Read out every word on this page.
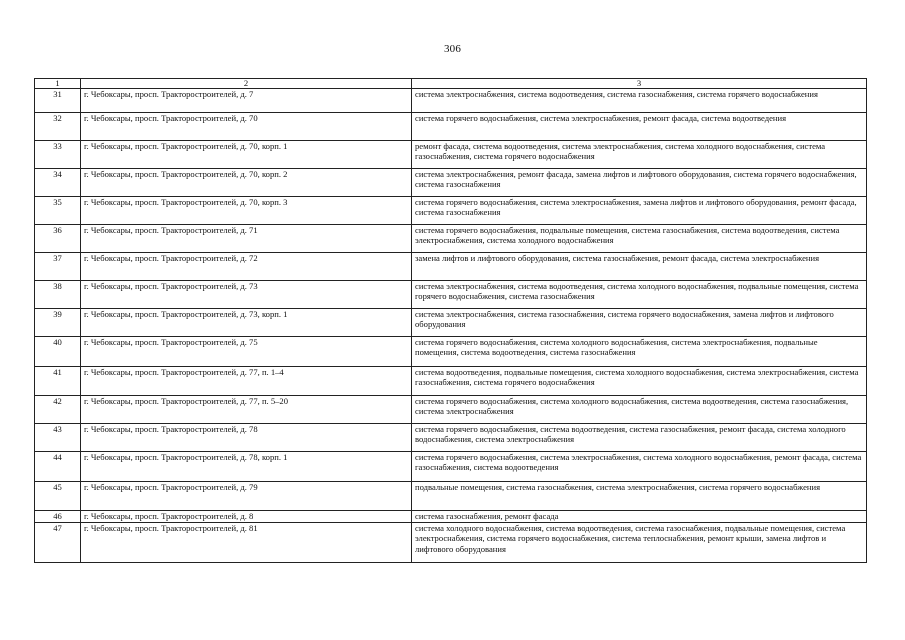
306
1	2	3
31	г. Чебоксары, просп. Тракторостроителей, д. 7	система электроснабжения, система водоотведения, система газоснабжения, система горячего водоснабжения
32	г. Чебоксары, просп. Тракторостроителей, д. 70	система горячего водоснабжения, система электроснабжения, ремонт фасада, система водоотведения
33	г. Чебоксары, просп. Тракторостроителей, д. 70, корп. 1	ремонт фасада, система водоотведения, система электроснабжения, система холодного водоснабжения, система газоснабжения, система горячего водоснабжения
34	г. Чебоксары, просп. Тракторостроителей, д. 70, корп. 2	система электроснабжения, ремонт фасада, замена лифтов и лифтового оборудования, система горячего водоснабжения, система газоснабжения
35	г. Чебоксары, просп. Тракторостроителей, д. 70, корп. 3	система горячего водоснабжения, система электроснабжения, замена лифтов и лифтового оборудования, ремонт фасада, система газоснабжения
36	г. Чебоксары, просп. Тракторостроителей, д. 71	система горячего водоснабжения, подвальные помещения, система газоснабжения, система водоотведения, система электроснабжения, система холодного водоснабжения
37	г. Чебоксары, просп. Тракторостроителей, д. 72	замена лифтов и лифтового оборудования, система газоснабжения, ремонт фасада, система электроснабжения
38	г. Чебоксары, просп. Тракторостроителей, д. 73	система электроснабжения, система водоотведения, система холодного водоснабжения, подвальные помещения, система горячего водоснабжения, система газоснабжения
39	г. Чебоксары, просп. Тракторостроителей, д. 73, корп. 1	система электроснабжения, система газоснабжения, система горячего водоснабжения, замена лифтов и лифтового оборудования
40	г. Чебоксары, просп. Тракторостроителей, д. 75	система горячего водоснабжения, система холодного водоснабжения, система электроснабжения, подвальные помещения, система водоотведения, система газоснабжения
41	г. Чебоксары, просп. Тракторостроителей, д. 77, п. 1–4	система водоотведения, подвальные помещения, система холодного водоснабжения, система электроснабжения, система газоснабжения, система горячего водоснабжения
42	г. Чебоксары, просп. Тракторостроителей, д. 77, п. 5–20	система горячего водоснабжения, система холодного водоснабжения, система водоотведения, система газоснабжения, система электроснабжения
43	г. Чебоксары, просп. Тракторостроителей, д. 78	система горячего водоснабжения, система водоотведения, система газоснабжения, ремонт фасада, система холодного водоснабжения, система электроснабжения
44	г. Чебоксары, просп. Тракторостроителей, д. 78, корп. 1	система горячего водоснабжения, система электроснабжения, система холодного водоснабжения, ремонт фасада, система газоснабжения, система водоотведения
45	г. Чебоксары, просп. Тракторостроителей, д. 79	подвальные помещения, система газоснабжения, система электроснабжения, система горячего водоснабжения
46	г. Чебоксары, просп. Тракторостроителей, д. 8	система газоснабжения, ремонт фасада
47	г. Чебоксары, просп. Тракторостроителей, д. 81	система холодного водоснабжения, система водоотведения, система газоснабжения, подвальные помещения, система электроснабжения, система горячего водоснабжения, система теплоснабжения, ремонт крыши, замена лифтов и лифтового оборудования
